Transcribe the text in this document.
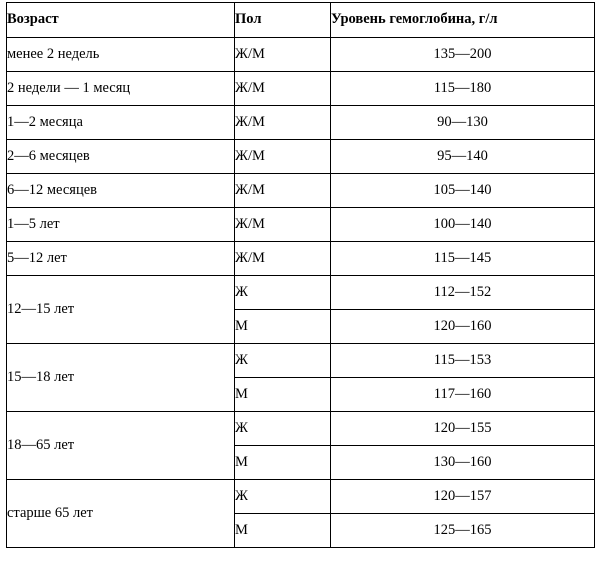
Возраст	Пол	Уровень гемоглобина, г/л
менее 2 недель	Ж/М	135—200
2 недели — 1 месяц	Ж/М	115—180
1—2 месяца	Ж/М	90—130
2—6 месяцев	Ж/М	95—140
6—12 месяцев	Ж/М	105—140
1—5 лет	Ж/М	100—140
5—12 лет	Ж/М	115—145
12—15 лет	Ж	112—152
	М	120—160
15—18 лет	Ж	115—153
	М	117—160
18—65 лет	Ж	120—155
	М	130—160
старше 65 лет	Ж	120—157
	М	125—165
